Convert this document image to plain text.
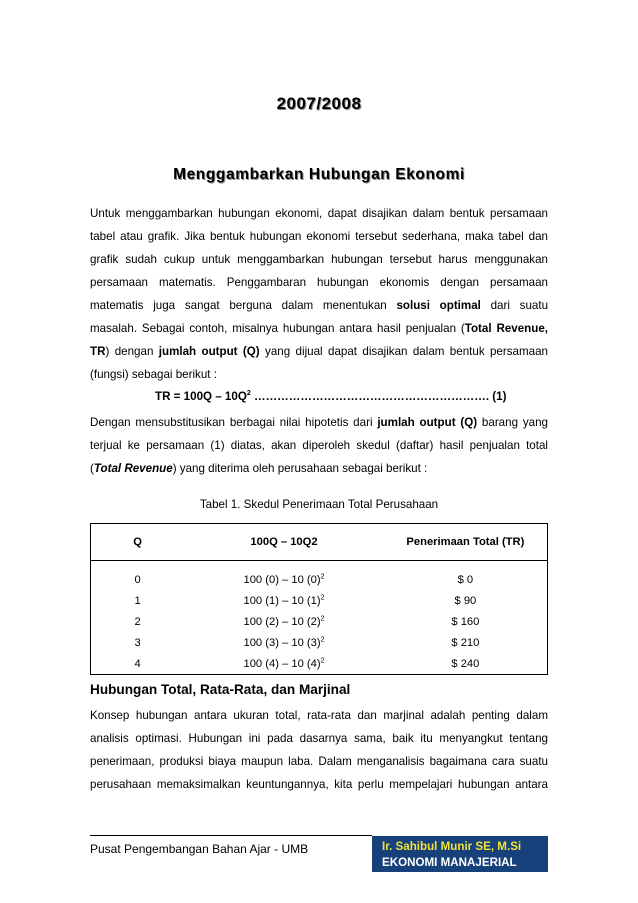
2007/2008
Menggambarkan Hubungan Ekonomi
Untuk menggambarkan hubungan ekonomi, dapat disajikan dalam bentuk persamaan
tabel atau grafik. Jika bentuk hubungan ekonomi tersebut sederhana, maka tabel dan
grafik sudah cukup untuk menggambarkan hubungan tersebut harus menggunakan
persamaan matematis. Penggambaran hubungan ekonomis dengan persamaan
matematis juga sangat berguna dalam menentukan solusi optimal dari suatu
masalah. Sebagai contoh, misalnya hubungan antara hasil penjualan (Total Revenue,
TR) dengan jumlah output (Q) yang dijual dapat disajikan dalam bentuk persamaan
(fungsi) sebagai berikut :
TR = $100Q - 10Q^2$ ……………………………………………………. (1)
Dengan mensubstitusikan berbagai nilai hipotetis dari jumlah output (Q) barang yang
terjual ke persamaan (1) diatas, akan diperoleh skedul (daftar) hasil penjualan total
(Total Revenue) yang diterima oleh perusahaan sebagai berikut :
Tabel 1. Skedul Penerimaan Total Perusahaan
Q	100Q – 10Q2	Penerimaan Total (TR)
0	100 (0) – 10 $(0)^2$	$ 0
1	100 (1) – 10 $(1)^2$	$ 90
2	100 (2) – 10 $(2)^2$	$ 160
3	100 (3) – 10 $(3)^2$	$ 210
4	100 (4) – 10 $(4)^2$	$ 240
Hubungan Total, Rata-Rata, dan Marjinal
Konsep hubungan antara ukuran total, rata-rata dan marjinal adalah penting dalam
analisis optimasi. Hubungan ini pada dasarnya sama, baik itu menyangkut tentang
penerimaan, produksi biaya maupun laba. Dalam menganalisis bagaimana cara suatu
perusahaan memaksimalkan keuntungannya, kita perlu mempelajari hubungan antara
Pusat Pengembangan Bahan Ajar - UMB	Ir. Sahibul Munir SE, M.Si
EKONOMI MANAJERIAL
